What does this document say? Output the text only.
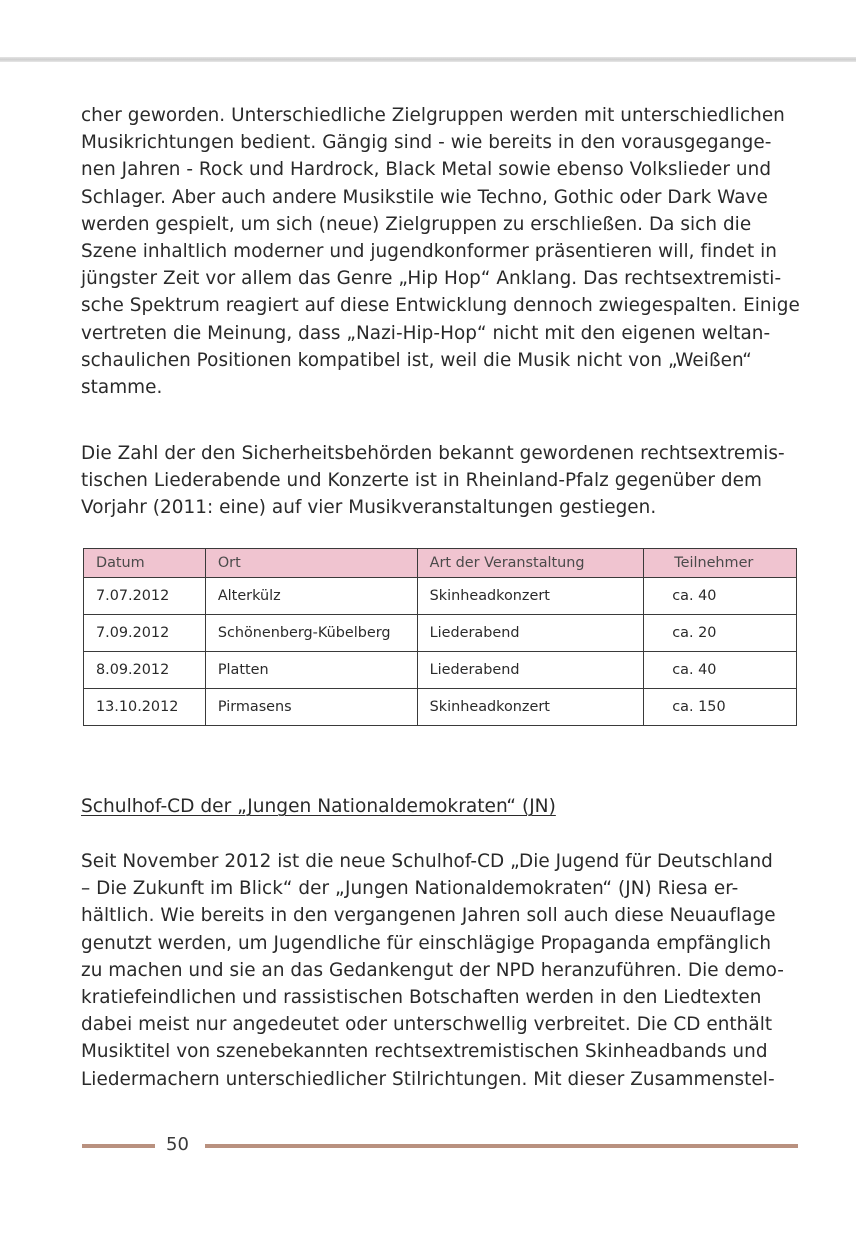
cher geworden. Unterschiedliche Zielgruppen werden mit unterschiedlichen
Musikrichtungen bedient. Gängig sind - wie bereits in den vorausgegange-
nen Jahren - Rock und Hardrock, Black Metal sowie ebenso Volkslieder und
Schlager. Aber auch andere Musikstile wie Techno, Gothic oder Dark Wave
werden gespielt, um sich (neue) Zielgruppen zu erschließen. Da sich die
Szene inhaltlich moderner und jugendkonformer präsentieren will, findet in
jüngster Zeit vor allem das Genre „Hip Hop“ Anklang. Das rechtsextremisti-
sche Spektrum reagiert auf diese Entwicklung dennoch zwiegespalten. Einige
vertreten die Meinung, dass „Nazi-Hip-Hop“ nicht mit den eigenen weltan-
schaulichen Positionen kompatibel ist, weil die Musik nicht von „Weißen“
stamme.

Die Zahl der den Sicherheitsbehörden bekannt gewordenen rechtsextremis-
tischen Liederabende und Konzerte ist in Rheinland-Pfalz gegenüber dem
Vorjahr (2011: eine) auf vier Musikveranstaltungen gestiegen.

Datum	Ort	Art der Veranstaltung	Teilnehmer
7.07.2012	Alterkülz	Skinheadkonzert	ca. 40
7.09.2012	Schönenberg-Kübelberg	Liederabend	ca. 20
8.09.2012	Platten	Liederabend	ca. 40
13.10.2012	Pirmasens	Skinheadkonzert	ca. 150
Schulhof-CD der „Jungen Nationaldemokraten“ (JN)

Seit November 2012 ist die neue Schulhof-CD „Die Jugend für Deutschland
– Die Zukunft im Blick“ der „Jungen Nationaldemokraten“ (JN) Riesa er-
hältlich. Wie bereits in den vergangenen Jahren soll auch diese Neuauflage
genutzt werden, um Jugendliche für einschlägige Propaganda empfänglich
zu machen und sie an das Gedankengut der NPD heranzuführen. Die demo-
kratiefeindlichen und rassistischen Botschaften werden in den Liedtexten
dabei meist nur angedeutet oder unterschwellig verbreitet. Die CD enthält
Musiktitel von szenebekannten rechtsextremistischen Skinheadbands und
Liedermachern unterschiedlicher Stilrichtungen. Mit dieser Zusammenstel-

50
